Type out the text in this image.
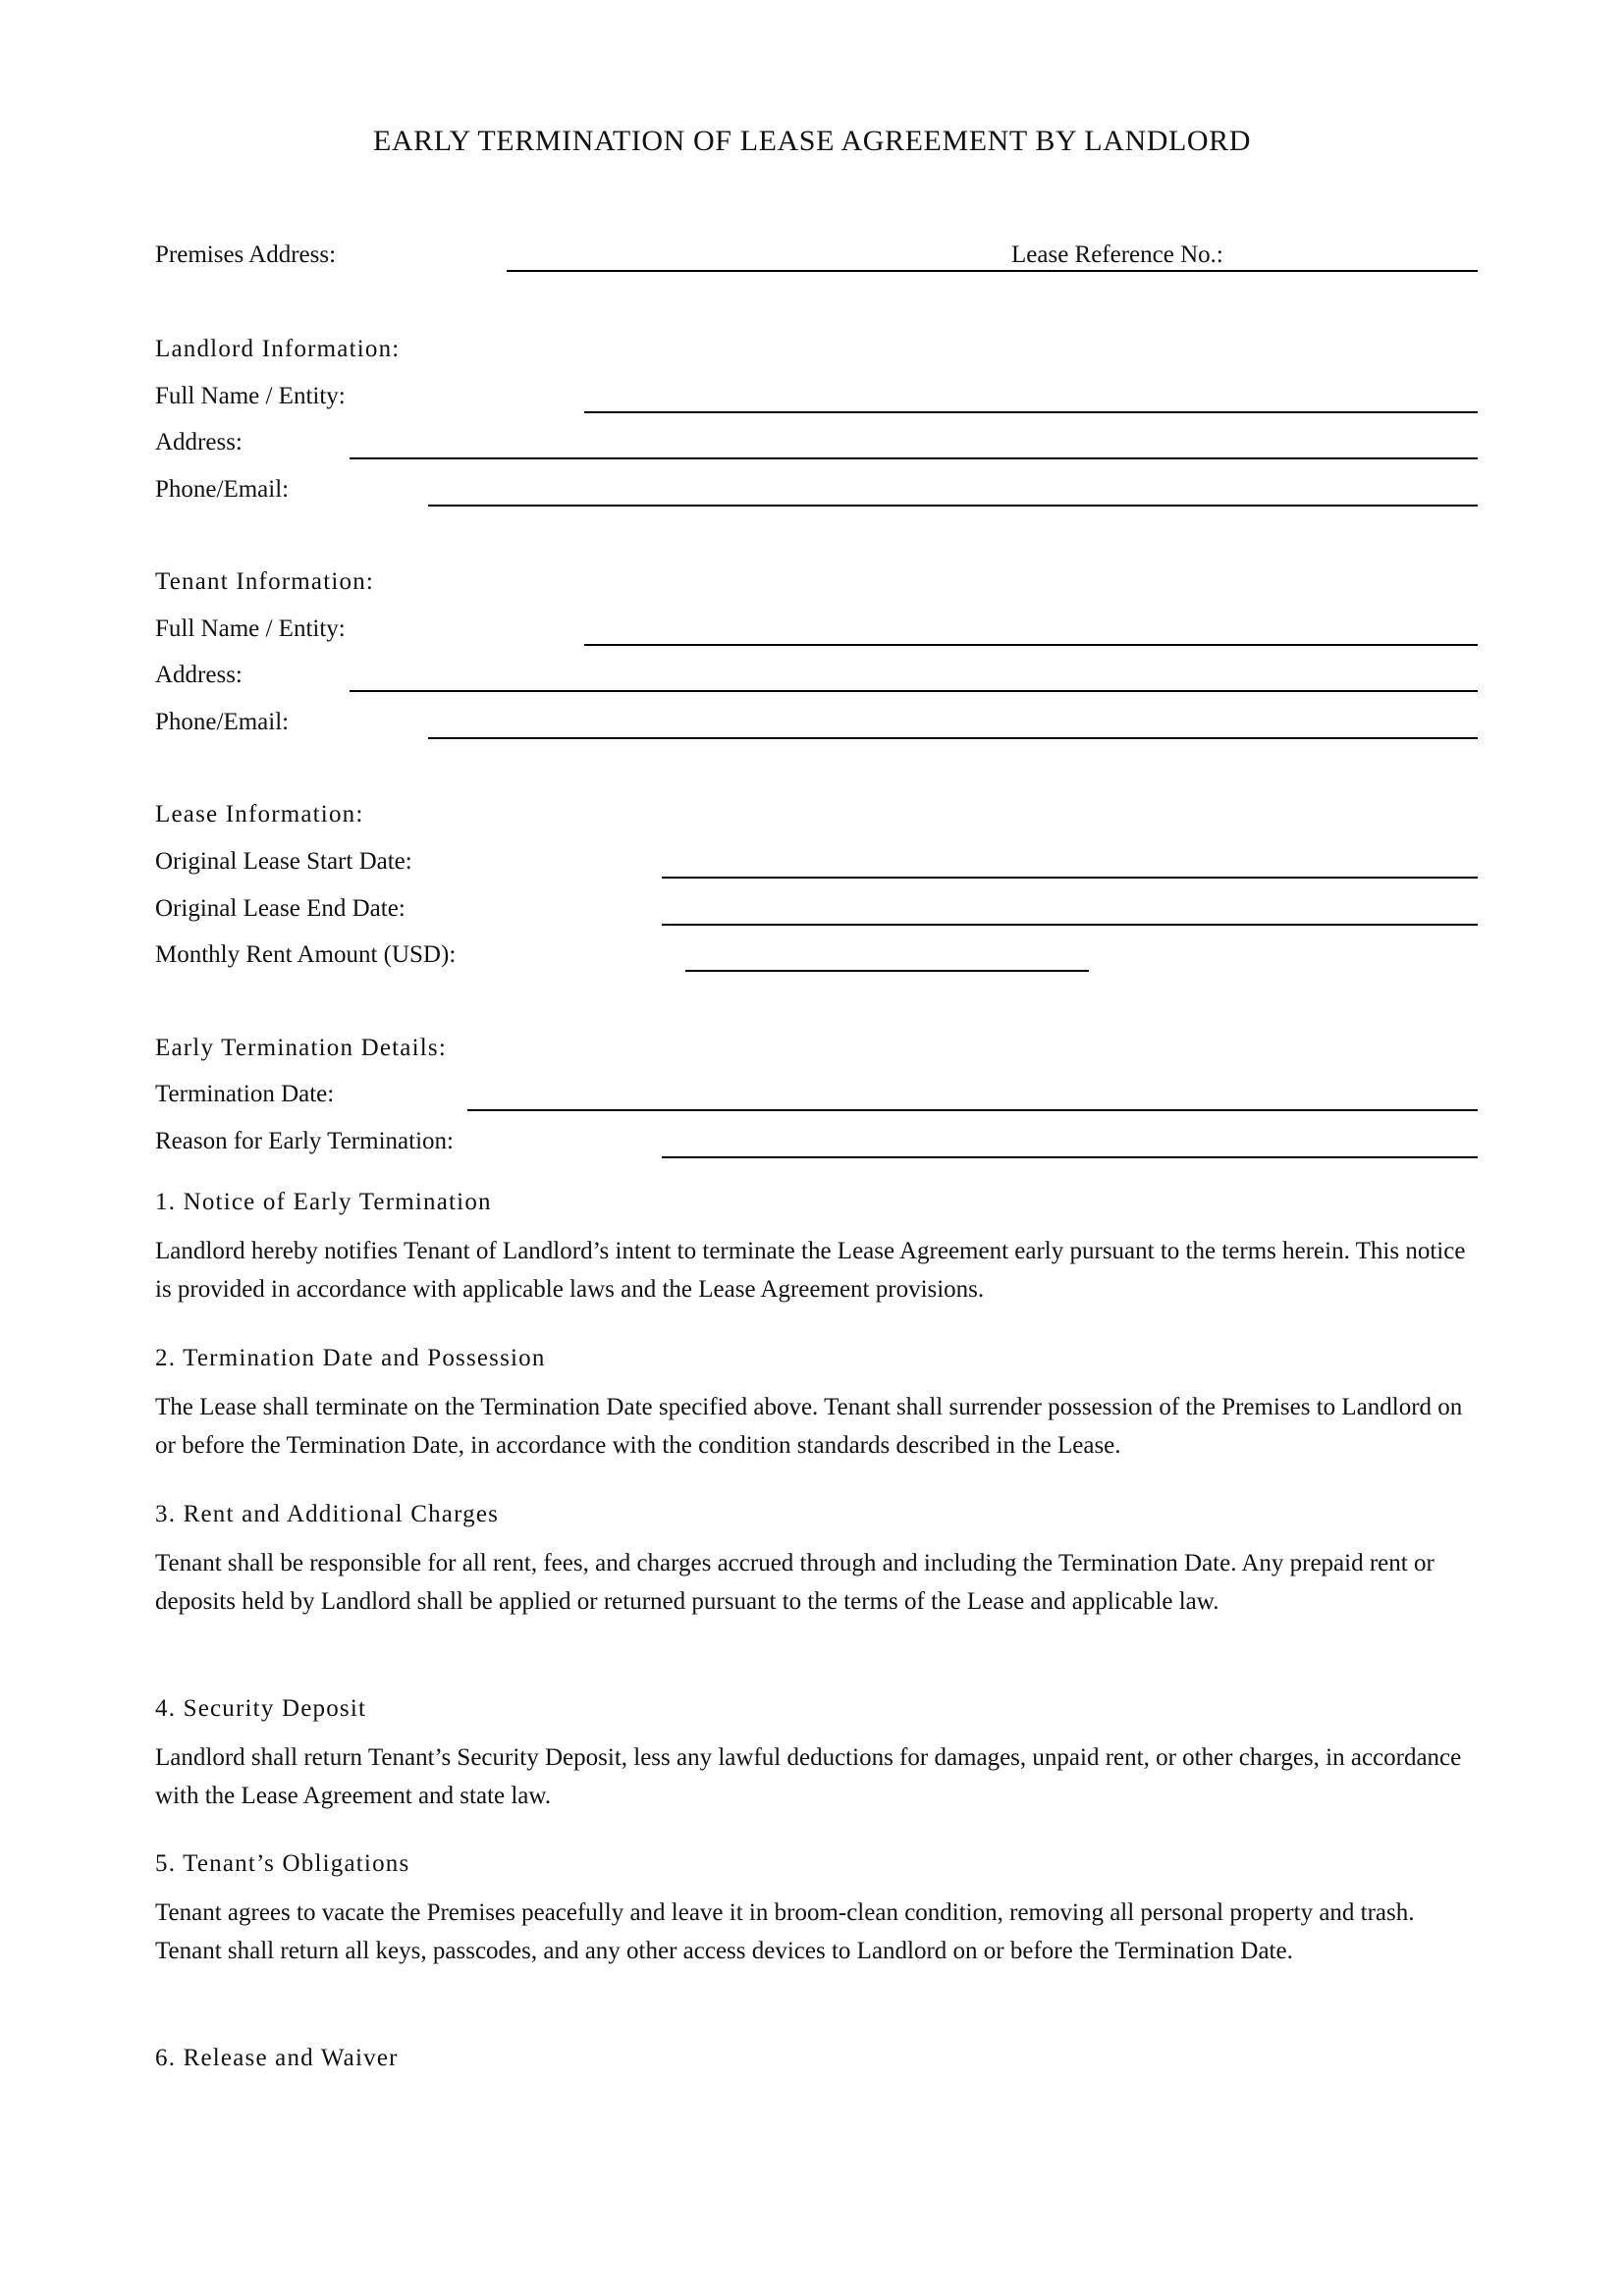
EARLY TERMINATION OF LEASE AGREEMENT BY LANDLORD
Premises Address:	Lease Reference No.:
Landlord Information:
Full Name / Entity:
Address:
Phone/Email:
Tenant Information:
Full Name / Entity:
Address:
Phone/Email:
Lease Information:
Original Lease Start Date:
Original Lease End Date:
Monthly Rent Amount (USD):
Early Termination Details:
Termination Date:
Reason for Early Termination:
1. Notice of Early Termination
Landlord hereby notifies Tenant of Landlord’s intent to terminate the Lease Agreement early pursuant to the terms herein. This notice is provided in accordance with applicable laws and the Lease Agreement provisions.
2. Termination Date and Possession
The Lease shall terminate on the Termination Date specified above. Tenant shall surrender possession of the Premises to Landlord on or before the Termination Date, in accordance with the condition standards described in the Lease.
3. Rent and Additional Charges
Tenant shall be responsible for all rent, fees, and charges accrued through and including the Termination Date. Any prepaid rent or deposits held by Landlord shall be applied or returned pursuant to the terms of the Lease and applicable law.
4. Security Deposit
Landlord shall return Tenant’s Security Deposit, less any lawful deductions for damages, unpaid rent, or other charges, in accordance with the Lease Agreement and state law.
5. Tenant’s Obligations
Tenant agrees to vacate the Premises peacefully and leave it in broom-clean condition, removing all personal property and trash. Tenant shall return all keys, passcodes, and any other access devices to Landlord on or before the Termination Date.
6. Release and Waiver
